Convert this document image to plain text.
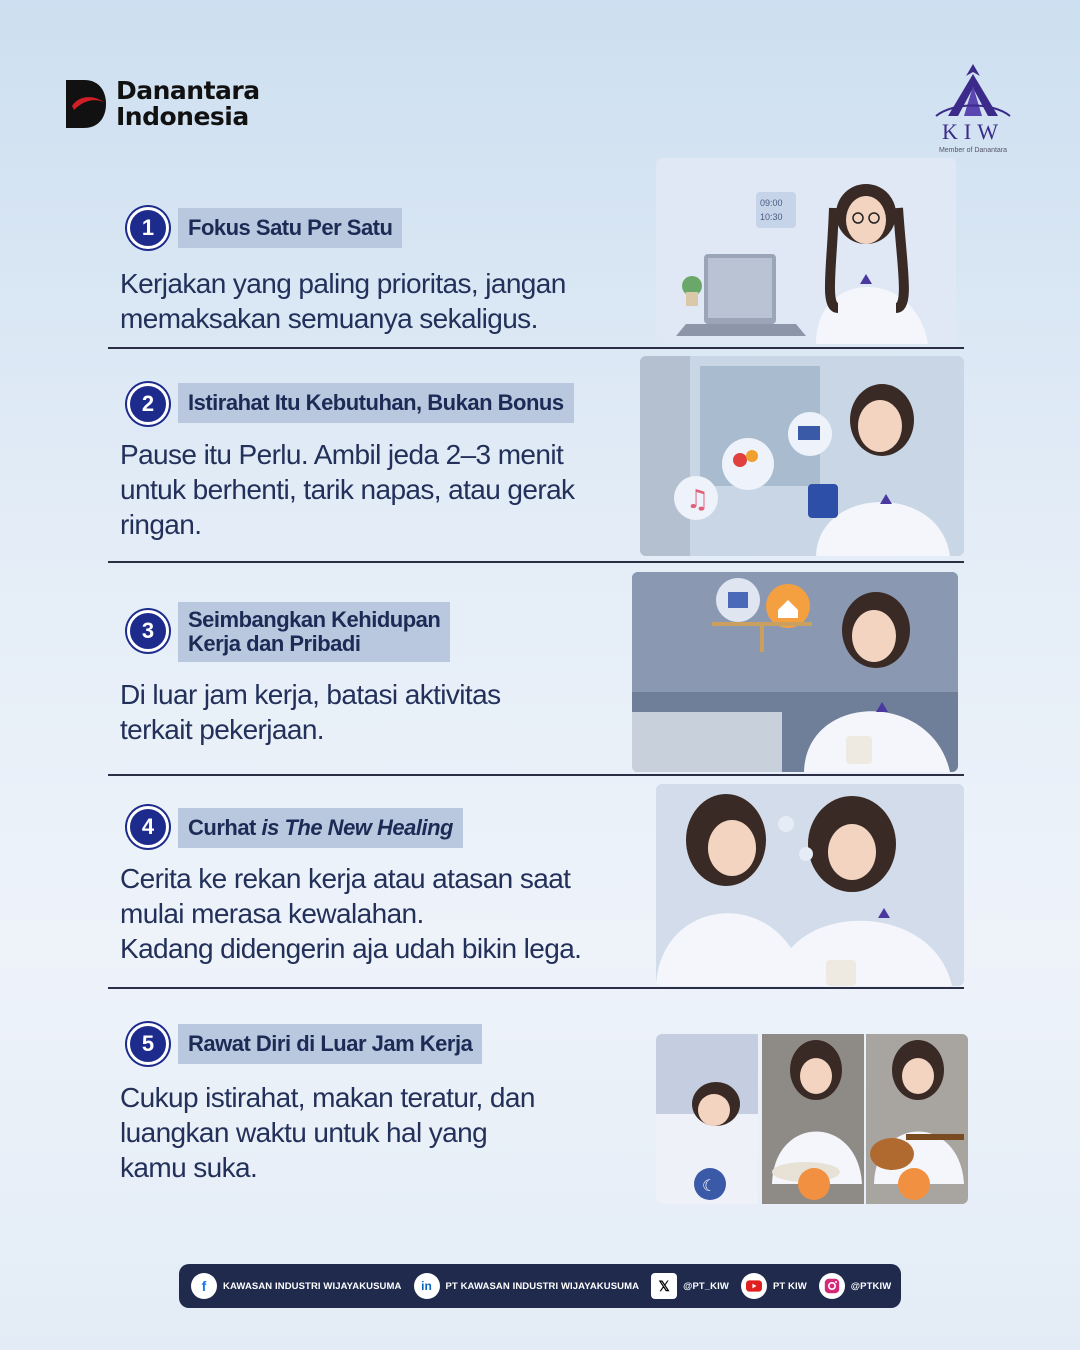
Danantara
Indonesia
KIW
Member of Danantara
1	Fokus Satu Per Satu
Kerjakan yang paling prioritas, jangan
memaksakan semuanya sekaligus.
09:00
10:30
2	Istirahat Itu Kebutuhan, Bukan Bonus
Pause itu Perlu. Ambil jeda 2–3 menit
untuk berhenti, tarik napas, atau gerak
ringan.
♫
3	Seimbangkan Kehidupan
Kerja dan Pribadi
Di luar jam kerja, batasi aktivitas
terkait pekerjaan.
4	Curhat is The New Healing
Cerita ke rekan kerja atau atasan saat
mulai merasa kewalahan.
Kadang didengerin aja udah bikin lega.
5	Rawat Diri di Luar Jam Kerja
Cukup istirahat, makan teratur, dan
luangkan waktu untuk hal yang
kamu suka.
☾
f	KAWASAN INDUSTRI WIJAYAKUSUMA	in	PT KAWASAN INDUSTRI WIJAYAKUSUMA	𝕏	@PT_KIW	PT KIW	@PTKIW
